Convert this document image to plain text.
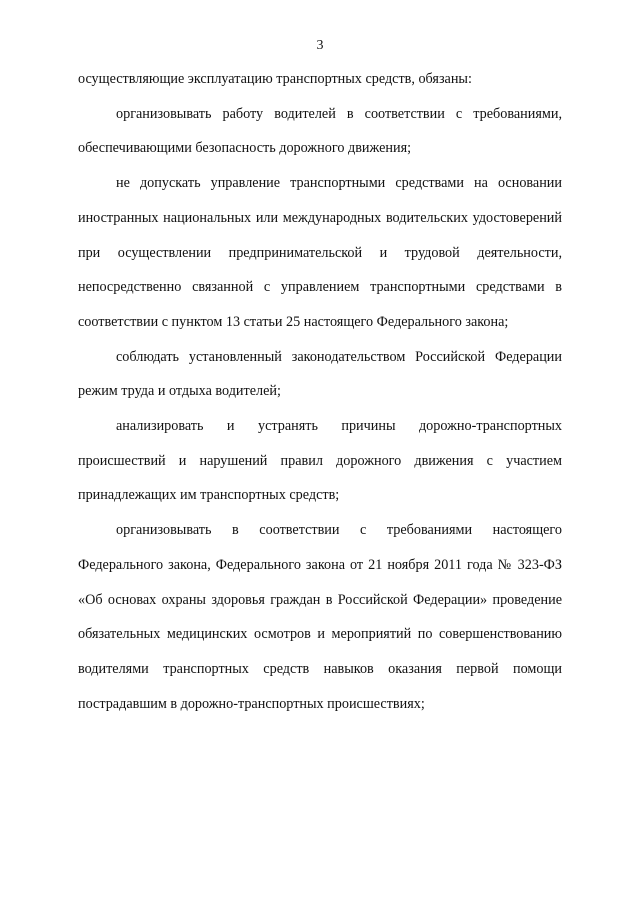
3

осуществляющие эксплуатацию транспортных средств, обязаны:

организовывать работу водителей в соответствии с требованиями, обеспечивающими безопасность дорожного движения;

не допускать управление транспортными средствами на основании иностранных национальных или международных водительских удостоверений при осуществлении предпринимательской и трудовой деятельности, непосредственно связанной с управлением транспортными средствами в соответствии с пунктом 13 статьи 25 настоящего Федерального закона;

соблюдать установленный законодательством Российской Федерации режим труда и отдыха водителей;

анализировать и устранять причины дорожно-транспортных происшествий и нарушений правил дорожного движения с участием принадлежащих им транспортных средств;

организовывать в соответствии с требованиями настоящего Федерального закона, Федерального закона от 21 ноября 2011 года № 323-ФЗ «Об основах охраны здоровья граждан в Российской Федерации» проведение обязательных медицинских осмотров и мероприятий по совершенствованию водителями транспортных средств навыков оказания первой помощи пострадавшим в дорожно-транспортных происшествиях;
